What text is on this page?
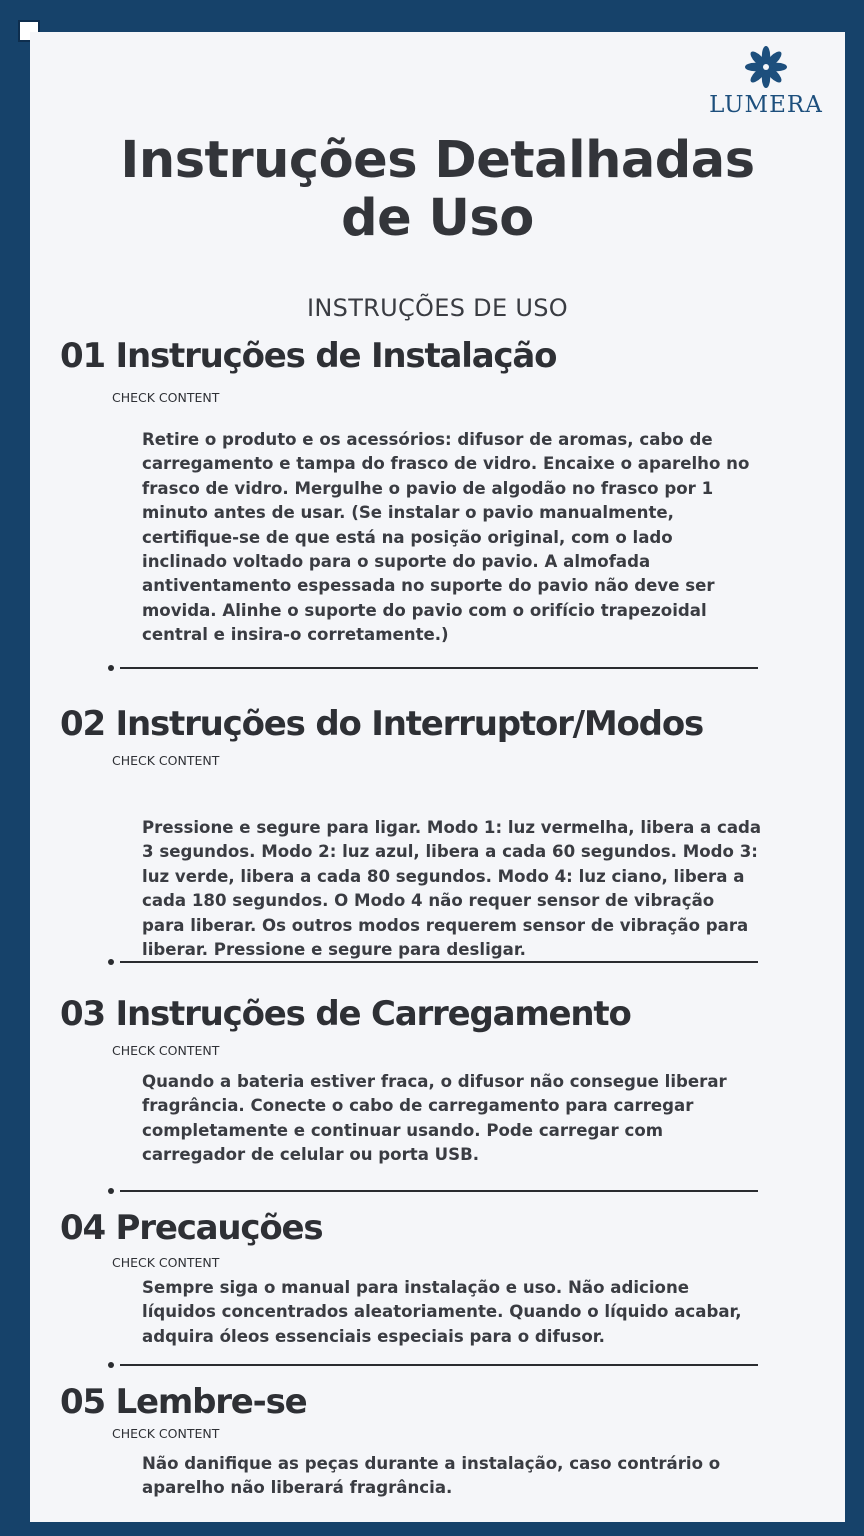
LUMERA
Instruções Detalhadas
de Uso
INSTRUÇÕES DE USO
01 Instruções de Instalação
CHECK CONTENT
Retire o produto e os acessórios: difusor de aromas, cabo de carregamento e tampa do frasco de vidro. Encaixe o aparelho no frasco de vidro. Mergulhe o pavio de algodão no frasco por 1 minuto antes de usar. (Se instalar o pavio manualmente, certifique-se de que está na posição original, com o lado inclinado voltado para o suporte do pavio. A almofada antiventamento espessada no suporte do pavio não deve ser movida. Alinhe o suporte do pavio com o orifício trapezoidal central e insira-o corretamente.)
02 Instruções do Interruptor/Modos
CHECK CONTENT
Pressione e segure para ligar. Modo 1: luz vermelha, libera a cada 3 segundos. Modo 2: luz azul, libera a cada 60 segundos. Modo 3: luz verde, libera a cada 80 segundos. Modo 4: luz ciano, libera a cada 180 segundos. O Modo 4 não requer sensor de vibração para liberar. Os outros modos requerem sensor de vibração para liberar. Pressione e segure para desligar.
03 Instruções de Carregamento
CHECK CONTENT
Quando a bateria estiver fraca, o difusor não consegue liberar fragrância. Conecte o cabo de carregamento para carregar completamente e continuar usando. Pode carregar com carregador de celular ou porta USB.
04 Precauções
CHECK CONTENT
Sempre siga o manual para instalação e uso. Não adicione líquidos concentrados aleatoriamente. Quando o líquido acabar, adquira óleos essenciais especiais para o difusor.
05 Lembre-se
CHECK CONTENT
Não danifique as peças durante a instalação, caso contrário o aparelho não liberará fragrância.
